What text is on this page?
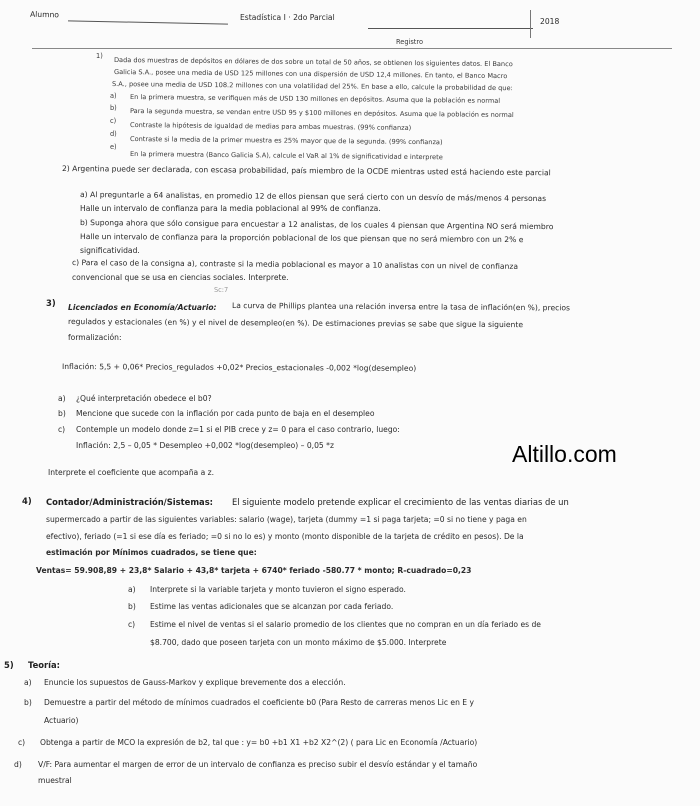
Alumno	Estadística I · 2do Parcial	2018
Registro
1)
Dada dos muestras de depósitos en dólares de dos sobre un total de 50 años, se obtienen los siguientes datos. El Banco
Galicia S.A., posee una media de USD 125 millones con una dispersión de USD 12,4 millones. En tanto, el Banco Macro
S.A., posee una media de USD 108.2 millones con una volatilidad del 25%. En base a ello, calcule la probabilidad de que:
a) En la primera muestra, se verifiquen más de USD 130 millones en depósitos. Asuma que la población es normal
b) Para la segunda muestra, se vendan entre USD 95 y $100 millones en depósitos. Asuma que la población es normal
c)
Contraste la hipótesis de igualdad de medias para ambas muestras. (99% confianza)
d)
Contraste si la media de la primer muestra es 25% mayor que de la segunda. (99% confianza)
e)
En la primera muestra (Banco Galicia S.A), calcule el VaR al 1% de significatividad e interprete
2) Argentina puede ser declarada, con escasa probabilidad, país miembro de la OCDE mientras usted está haciendo este parcial
a) Al preguntarle a 64 analistas, en promedio 12 de ellos piensan que será cierto con un desvío de más/menos 4 personas
Halle un intervalo de confianza para la media poblacional al 99% de confianza.
b) Suponga ahora que sólo consigue para encuestar a 12 analistas, de los cuales 4 piensan que Argentina NO será miembro
Halle un intervalo de confianza para la proporción poblacional de los que piensan que no será miembro con un 2% e
significatividad.
c) Para el caso de la consigna a), contraste si la media poblacional es mayor a 10 analistas con un nivel de confianza
convencional que se usa en ciencias sociales. Interprete.
Sc:7
3) Licenciados en Economía/Actuario: La curva de Phillips plantea una relación inversa entre la tasa de inflación(en %), precios
regulados y estacionales (en %) y el nivel de desempleo(en %). De estimaciones previas se sabe que sigue la siguiente
formalización:
Inflación: 5,5 + 0,06* Precios_regulados +0,02* Precios_estacionales -0,002 *log(desempleo)
a) ¿Qué interpretación obedece el b0?
b) Mencione que sucede con la inflación por cada punto de baja en el desempleo
c) Contemple un modelo donde z=1 si el PIB crece y z= 0 para el caso contrario, luego:
Inflación: 2,5 – 0,05 * Desempleo +0,002 *log(desempleo) – 0,05 *z
Interprete el coeficiente que acompaña a z.
Altillo.com
4) Contador/Administración/Sistemas: El siguiente modelo pretende explicar el crecimiento de las ventas diarias de un
supermercado a partir de las siguientes variables: salario (wage), tarjeta (dummy =1 si paga tarjeta; =0 si no tiene y paga en
efectivo), feriado (=1 si ese día es feriado; =0 si no lo es) y monto (monto disponible de la tarjeta de crédito en pesos). De la
estimación por Mínimos cuadrados, se tiene que:
Ventas= 59.908,89 + 23,8* Salario + 43,8* tarjeta + 6740* feriado -580.77 * monto; R-cuadrado=0,23
a) Interprete si la variable tarjeta y monto tuvieron el signo esperado.
b) Estime las ventas adicionales que se alcanzan por cada feriado.
c) Estime el nivel de ventas si el salario promedio de los clientes que no compran en un día feriado es de
$8.700, dado que poseen tarjeta con un monto máximo de $5.000. Interprete
5) Teoría:
a) Enuncie los supuestos de Gauss-Markov y explique brevemente dos a elección.
b) Demuestre a partir del método de mínimos cuadrados el coeficiente b0 (Para Resto de carreras menos Lic en E y
Actuario)
c) Obtenga a partir de MCO la expresión de b2, tal que : y= b0 +b1 X1 +b2 X2^(2) ( para Lic en Economía /Actuario)
d) V/F: Para aumentar el margen de error de un intervalo de confianza es preciso subir el desvío estándar y el tamaño
muestral
